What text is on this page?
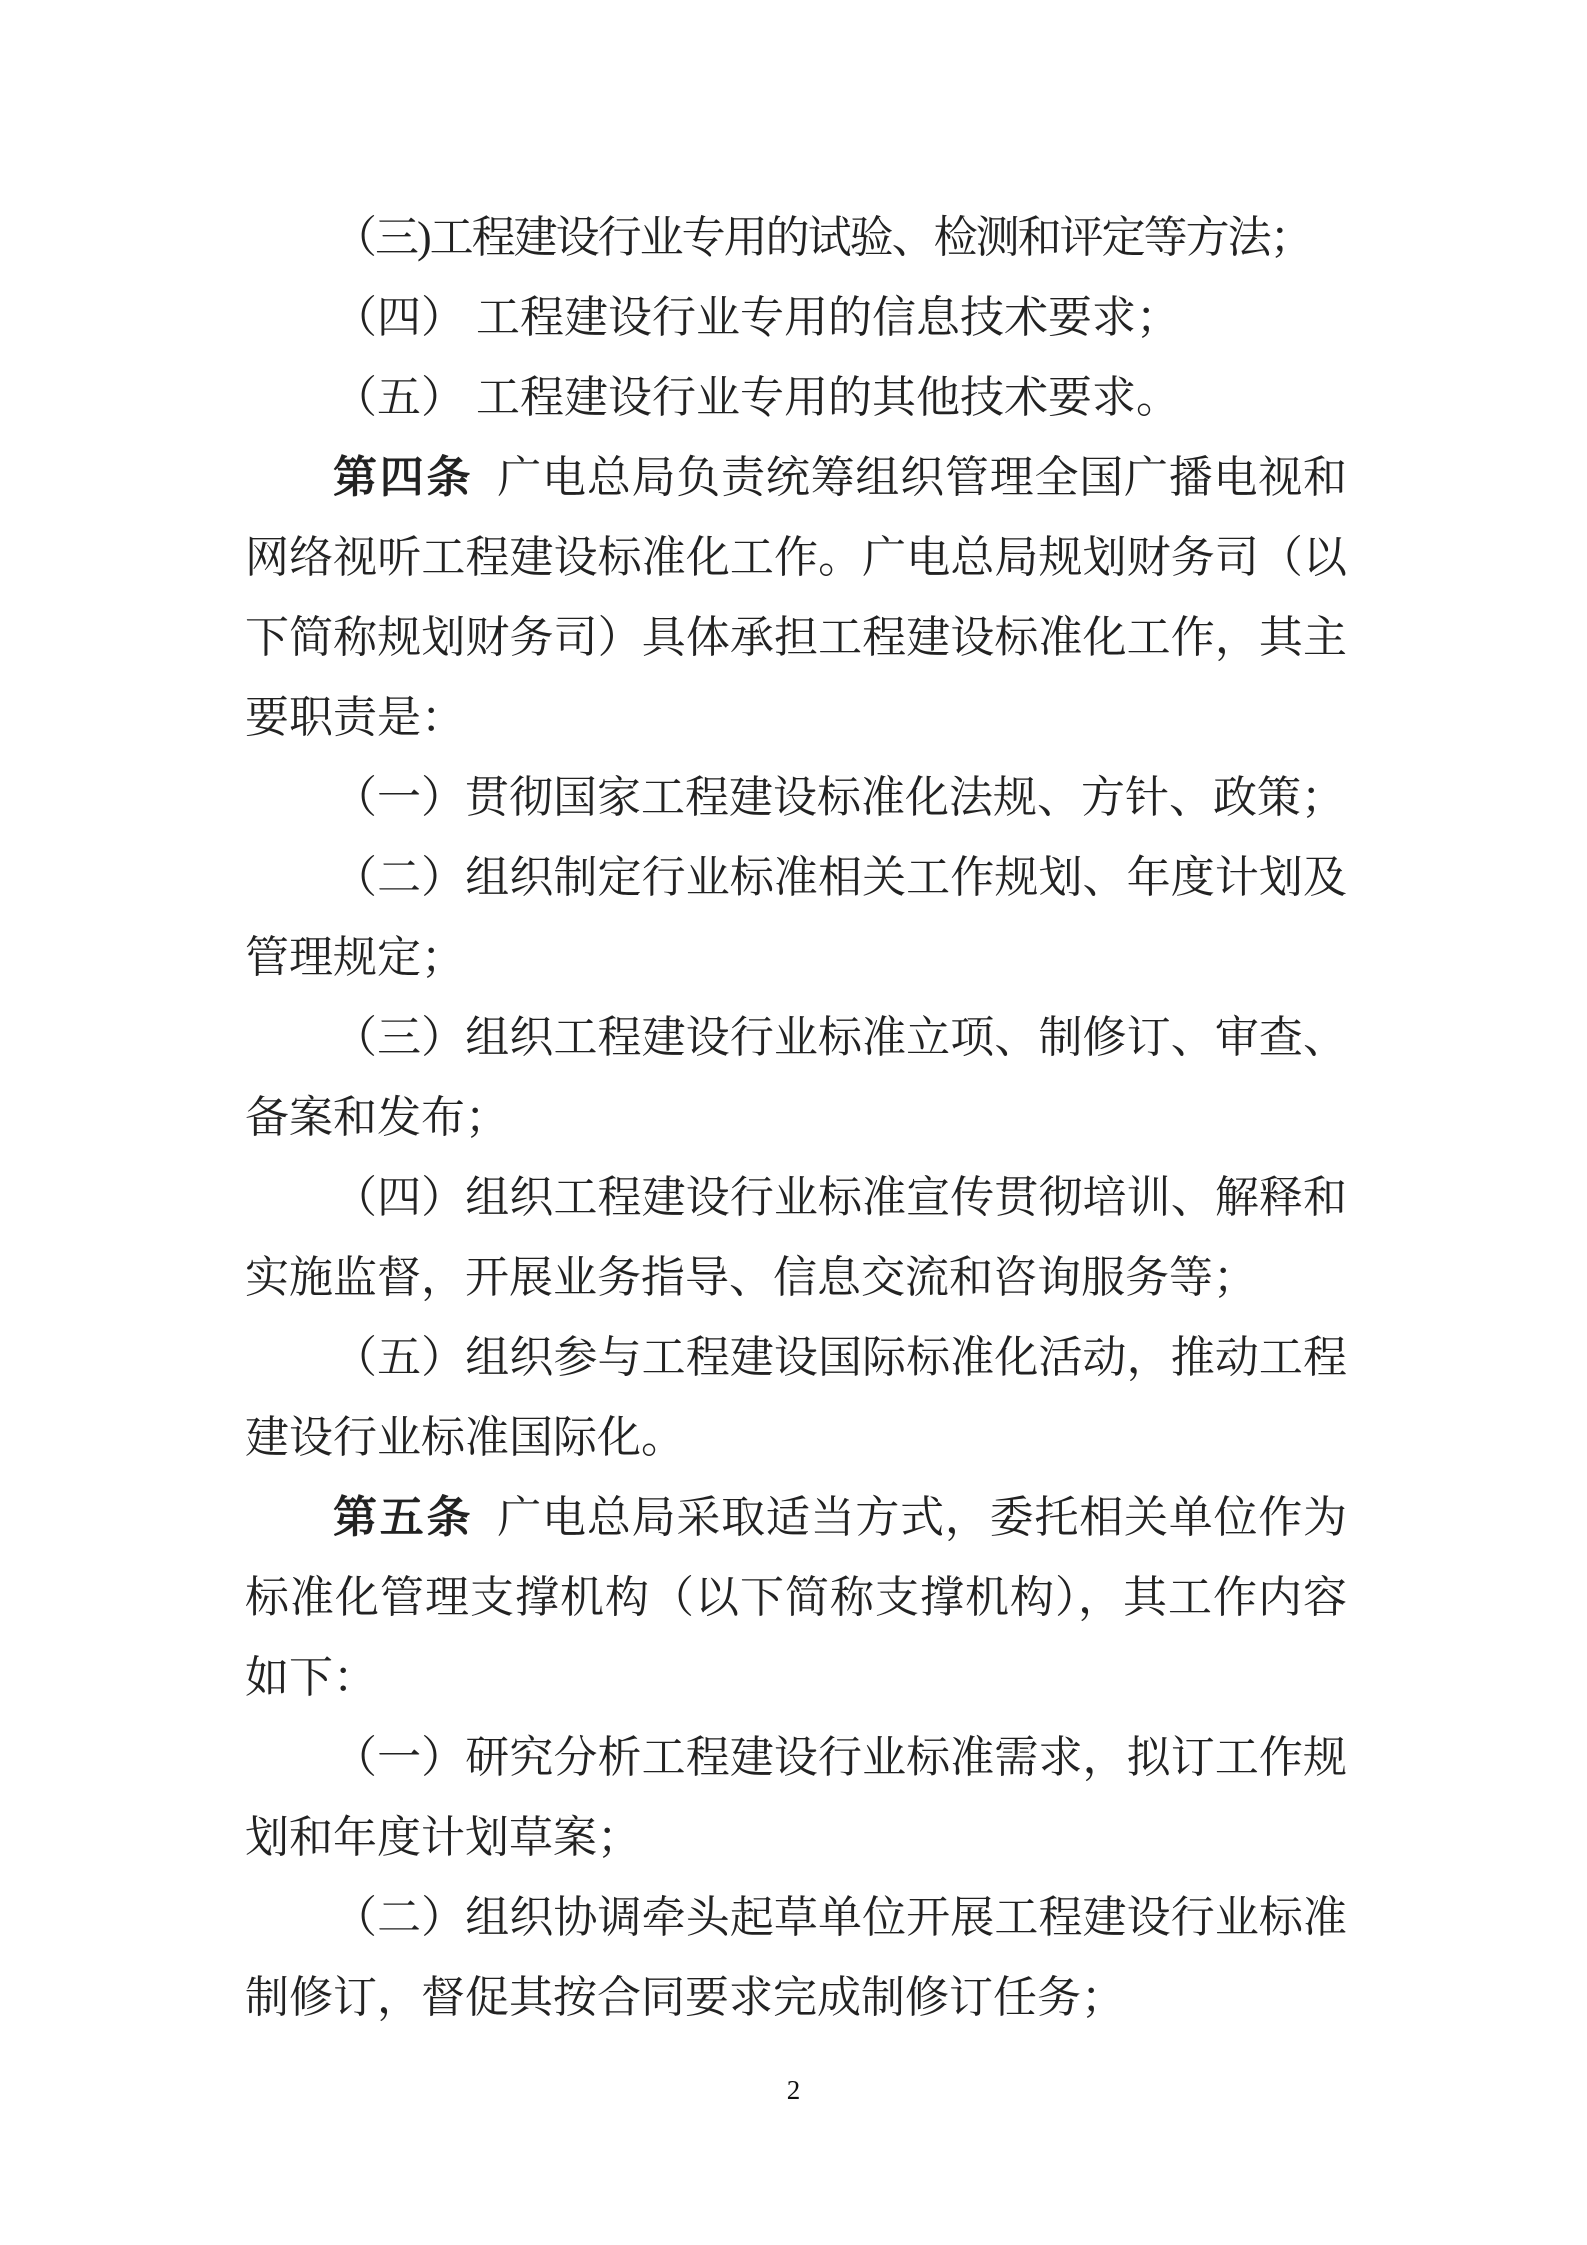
（三)工程建设行业专用的试验、检测和评定等方法；

（四） 工程建设行业专用的信息技术要求；

（五） 工程建设行业专用的其他技术要求。

第四条 广电总局负责统筹组织管理全国广播电视和

网络视听工程建设标准化工作。广电总局规划财务司（以

下简称规划财务司）具体承担工程建设标准化工作，其主

要职责是：

（一）贯彻国家工程建设标准化法规、方针、政策；

（二）组织制定行业标准相关工作规划、年度计划及

管理规定；

（三）组织工程建设行业标准立项、制修订、审查、

备案和发布；

（四）组织工程建设行业标准宣传贯彻培训、解释和

实施监督，开展业务指导、信息交流和咨询服务等；

（五）组织参与工程建设国际标准化活动，推动工程

建设行业标准国际化。

第五条 广电总局采取适当方式，委托相关单位作为

标准化管理支撑机构（以下简称支撑机构），其工作内容

如下：

（一）研究分析工程建设行业标准需求，拟订工作规

划和年度计划草案；

（二）组织协调牵头起草单位开展工程建设行业标准

制修订，督促其按合同要求完成制修订任务；

2
